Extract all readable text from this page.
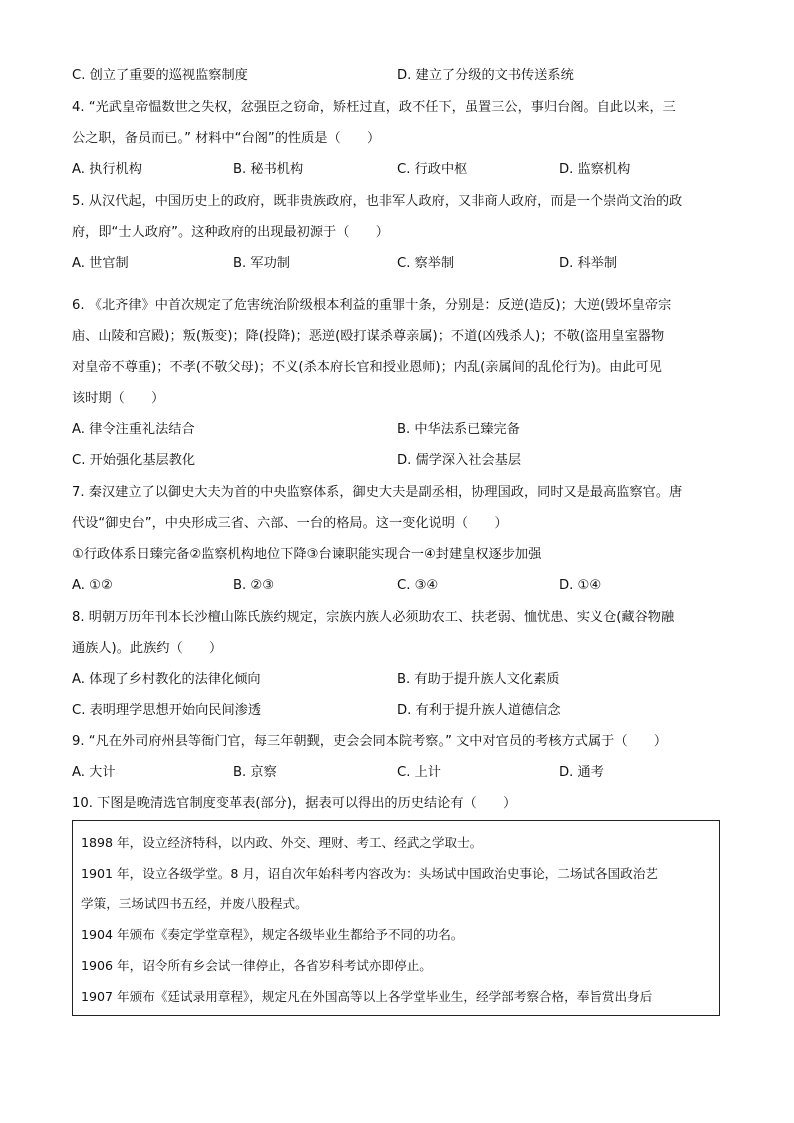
C. 创立了重要的巡视监察制度	D. 建立了分级的文书传送系统
4. “光武皇帝愠数世之失权，忿强臣之窃命，矫枉过直，政不任下，虽置三公，事归台阁。自此以来，三
公之职，备员而已。” 材料中“台阁”的性质是（　　）
A. 执行机构	B. 秘书机构	C. 行政中枢	D. 监察机构
5. 从汉代起，中国历史上的政府，既非贵族政府，也非军人政府，又非商人政府，而是一个崇尚文治的政
府，即“士人政府”。这种政府的出现最初源于（　　）
A. 世官制	B. 军功制	C. 察举制	D. 科举制
6. 《北齐律》中首次规定了危害统治阶级根本利益的重罪十条，分别是：反逆(造反)；大逆(毁坏皇帝宗
庙、山陵和宫殿)；叛(叛变)；降(投降)；恶逆(殴打谋杀尊亲属)；不道(凶残杀人)；不敬(盗用皇室器物
对皇帝不尊重)；不孝(不敬父母)；不义(杀本府长官和授业恩师)；内乱(亲属间的乱伦行为)。由此可见
该时期（　　）
A. 律令注重礼法结合	B. 中华法系已臻完备
C. 开始强化基层教化	D. 儒学深入社会基层
7. 秦汉建立了以御史大夫为首的中央监察体系，御史大夫是副丞相，协理国政，同时又是最高监察官。唐
代设“御史台”，中央形成三省、六部、一台的格局。这一变化说明（　　）
①行政体系日臻完备②监察机构地位下降③台谏职能实现合一④封建皇权逐步加强
A. ①②	B. ②③	C. ③④	D. ①④
8. 明朝万历年刊本长沙檀山陈氏族约规定，宗族内族人必须助农工、扶老弱、恤忧患、实义仓(藏谷物融
通族人)。此族约（　　）
A. 体现了乡村教化的法律化倾向	B. 有助于提升族人文化素质
C. 表明理学思想开始向民间渗透	D. 有利于提升族人道德信念
9. “凡在外司府州县等衙门官，每三年朝觐，吏会会同本院考察。” 文中对官员的考核方式属于（　　）
A. 大计	B. 京察	C. 上计	D. 通考
10. 下图是晚清选官制度变革表(部分)，据表可以得出的历史结论有（　　）
1898 年，设立经济特科，以内政、外交、理财、考工、经武之学取士。
1901 年，设立各级学堂。8 月，诏自次年始科考内容改为：头场试中国政治史事论，二场试各国政治艺
学策，三场试四书五经，并废八股程式。
1904 年颁布《奏定学堂章程》，规定各级毕业生都给予不同的功名。
1906 年，诏令所有乡会试一律停止，各省岁科考试亦即停止。
1907 年颁布《廷试录用章程》，规定凡在外国高等以上各学堂毕业生，经学部考察合格，奉旨赏出身后
